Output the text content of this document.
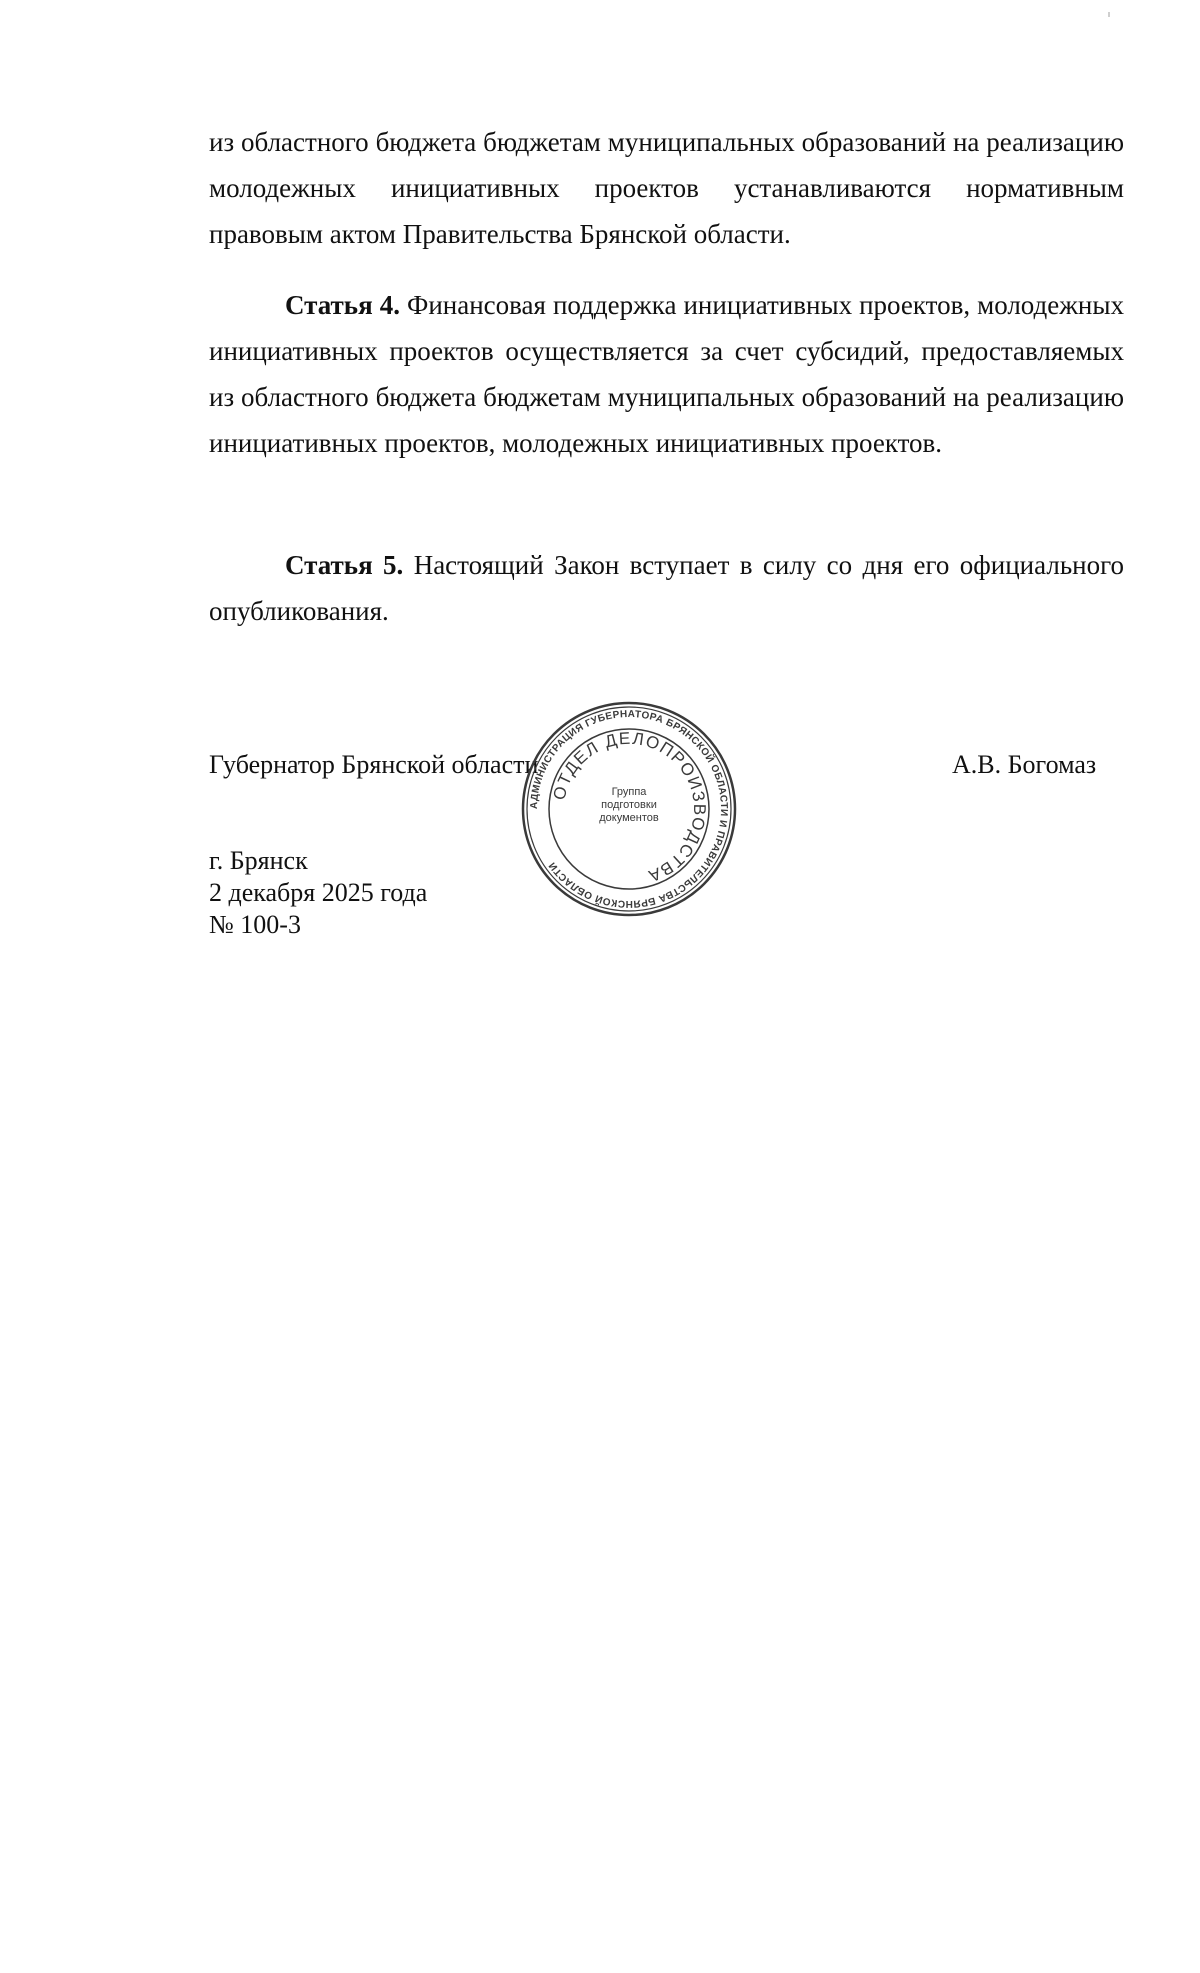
из областного бюджета бюджетам муниципальных образований на реализацию молодежных инициативных проектов устанавливаются нормативным правовым актом Правительства Брянской области.

Статья 4. Финансовая поддержка инициативных проектов, молодежных инициативных проектов осуществляется за счет субсидий, предоставляемых из областного бюджета бюджетам муниципальных образований на реализацию инициативных проектов, молодежных инициативных проектов.

Статья 5. Настоящий Закон вступает в силу со дня его официального опубликования.

Губернатор Брянской области	А.В. Богомаз
г. Брянск
2 декабря 2025 года
№ 100-3
АДМИНИСТРАЦИЯ ГУБЕРНАТОРА БРЯНСКОЙ ОБЛАСТИ И ПРАВИТЕЛЬСТВА БРЯНСКОЙ ОБЛАСТИ
ОТДЕЛ ДЕЛОПРОИЗВОДСТВА
Группа подготовки документов
